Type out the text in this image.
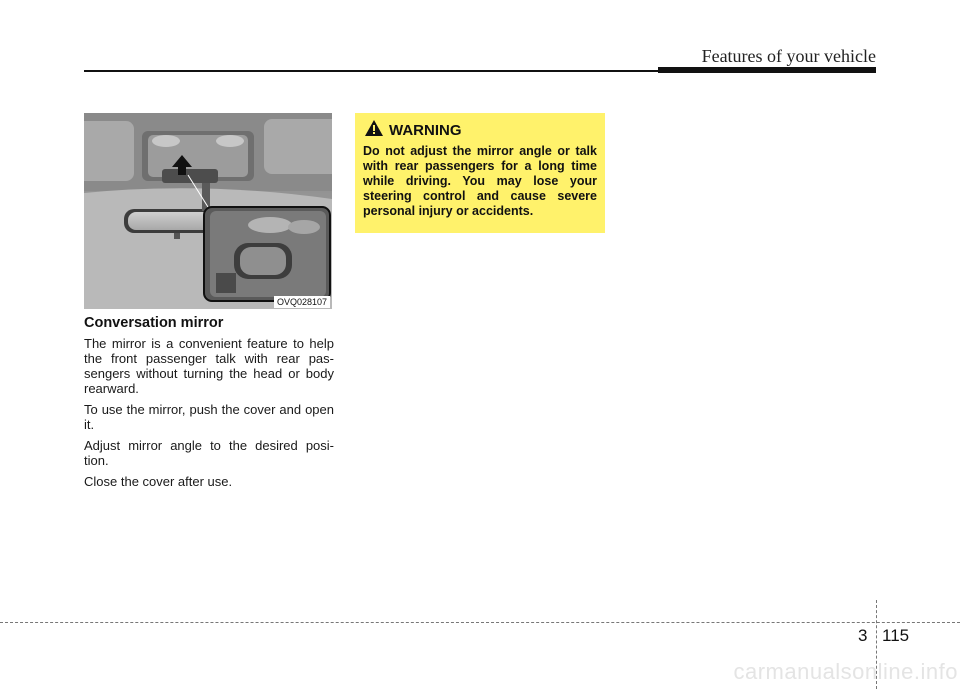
Features of your vehicle
OVQ028107
Conversation mirror

The mirror is a convenient feature to help the front passenger talk with rear pas- sengers without turning the head or body rearward.

To use the mirror, push the cover and open it.

Adjust mirror angle to the desired posi- tion.

Close the cover after use.

WARNING
Do not adjust the mirror angle or talk with rear passengers for a long time while driving. You may lose your steering control and cause severe personal injury or accidents.
3 115
carmanualsonline.info
